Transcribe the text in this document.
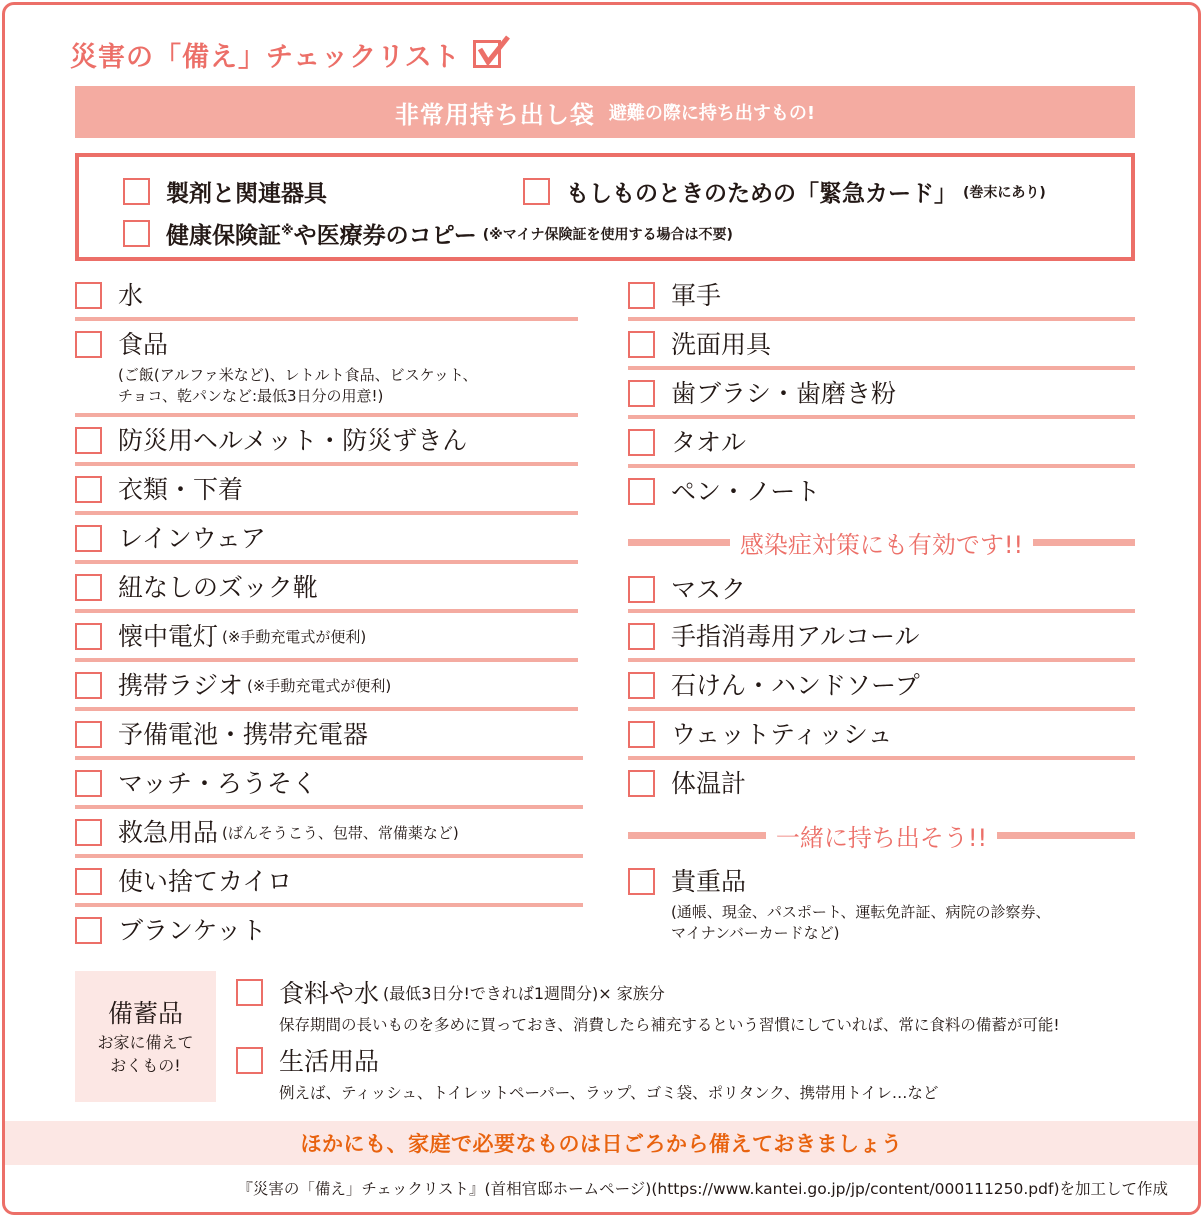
災害の「備え」チェックリスト
非常用持ち出し袋 避難の際に持ち出すもの!
製剤と関連器具	もしものときのための「緊急カード」 (巻末にあり)
健康保険証※や医療券のコピー (※マイナ保険証を使用する場合は不要)
水
食品
(ご飯(アルファ米など)、レトルト食品、ビスケット、
チョコ、乾パンなど:最低3日分の用意!)
防災用ヘルメット・防災ずきん
衣類・下着
レインウェア
紐なしのズック靴
懐中電灯 (※手動充電式が便利)
携帯ラジオ (※手動充電式が便利)
予備電池・携帯充電器
マッチ・ろうそく
救急用品 (ばんそうこう、包帯、常備薬など)
使い捨てカイロ
ブランケット
軍手
洗面用具
歯ブラシ・歯磨き粉
タオル
ペン・ノート
感染症対策にも有効です!!
マスク
手指消毒用アルコール
石けん・ハンドソープ
ウェットティッシュ
体温計
一緒に持ち出そう!!
貴重品
(通帳、現金、パスポート、運転免許証、病院の診察券、
マイナンバーカードなど)
備蓄品
お家に備えて
おくもの!
食料や水 (最低3日分!できれば1週間分)× 家族分
保存期間の長いものを多めに買っておき、消費したら補充するという習慣にしていれば、常に食料の備蓄が可能!
生活用品
例えば、ティッシュ、トイレットペーパー、ラップ、ゴミ袋、ポリタンク、携帯用トイレ…など
ほかにも、家庭で必要なものは日ごろから備えておきましょう
『災害の「備え」チェックリスト』(首相官邸ホームページ)(https://www.kantei.go.jp/jp/content/000111250.pdf)を加工して作成
